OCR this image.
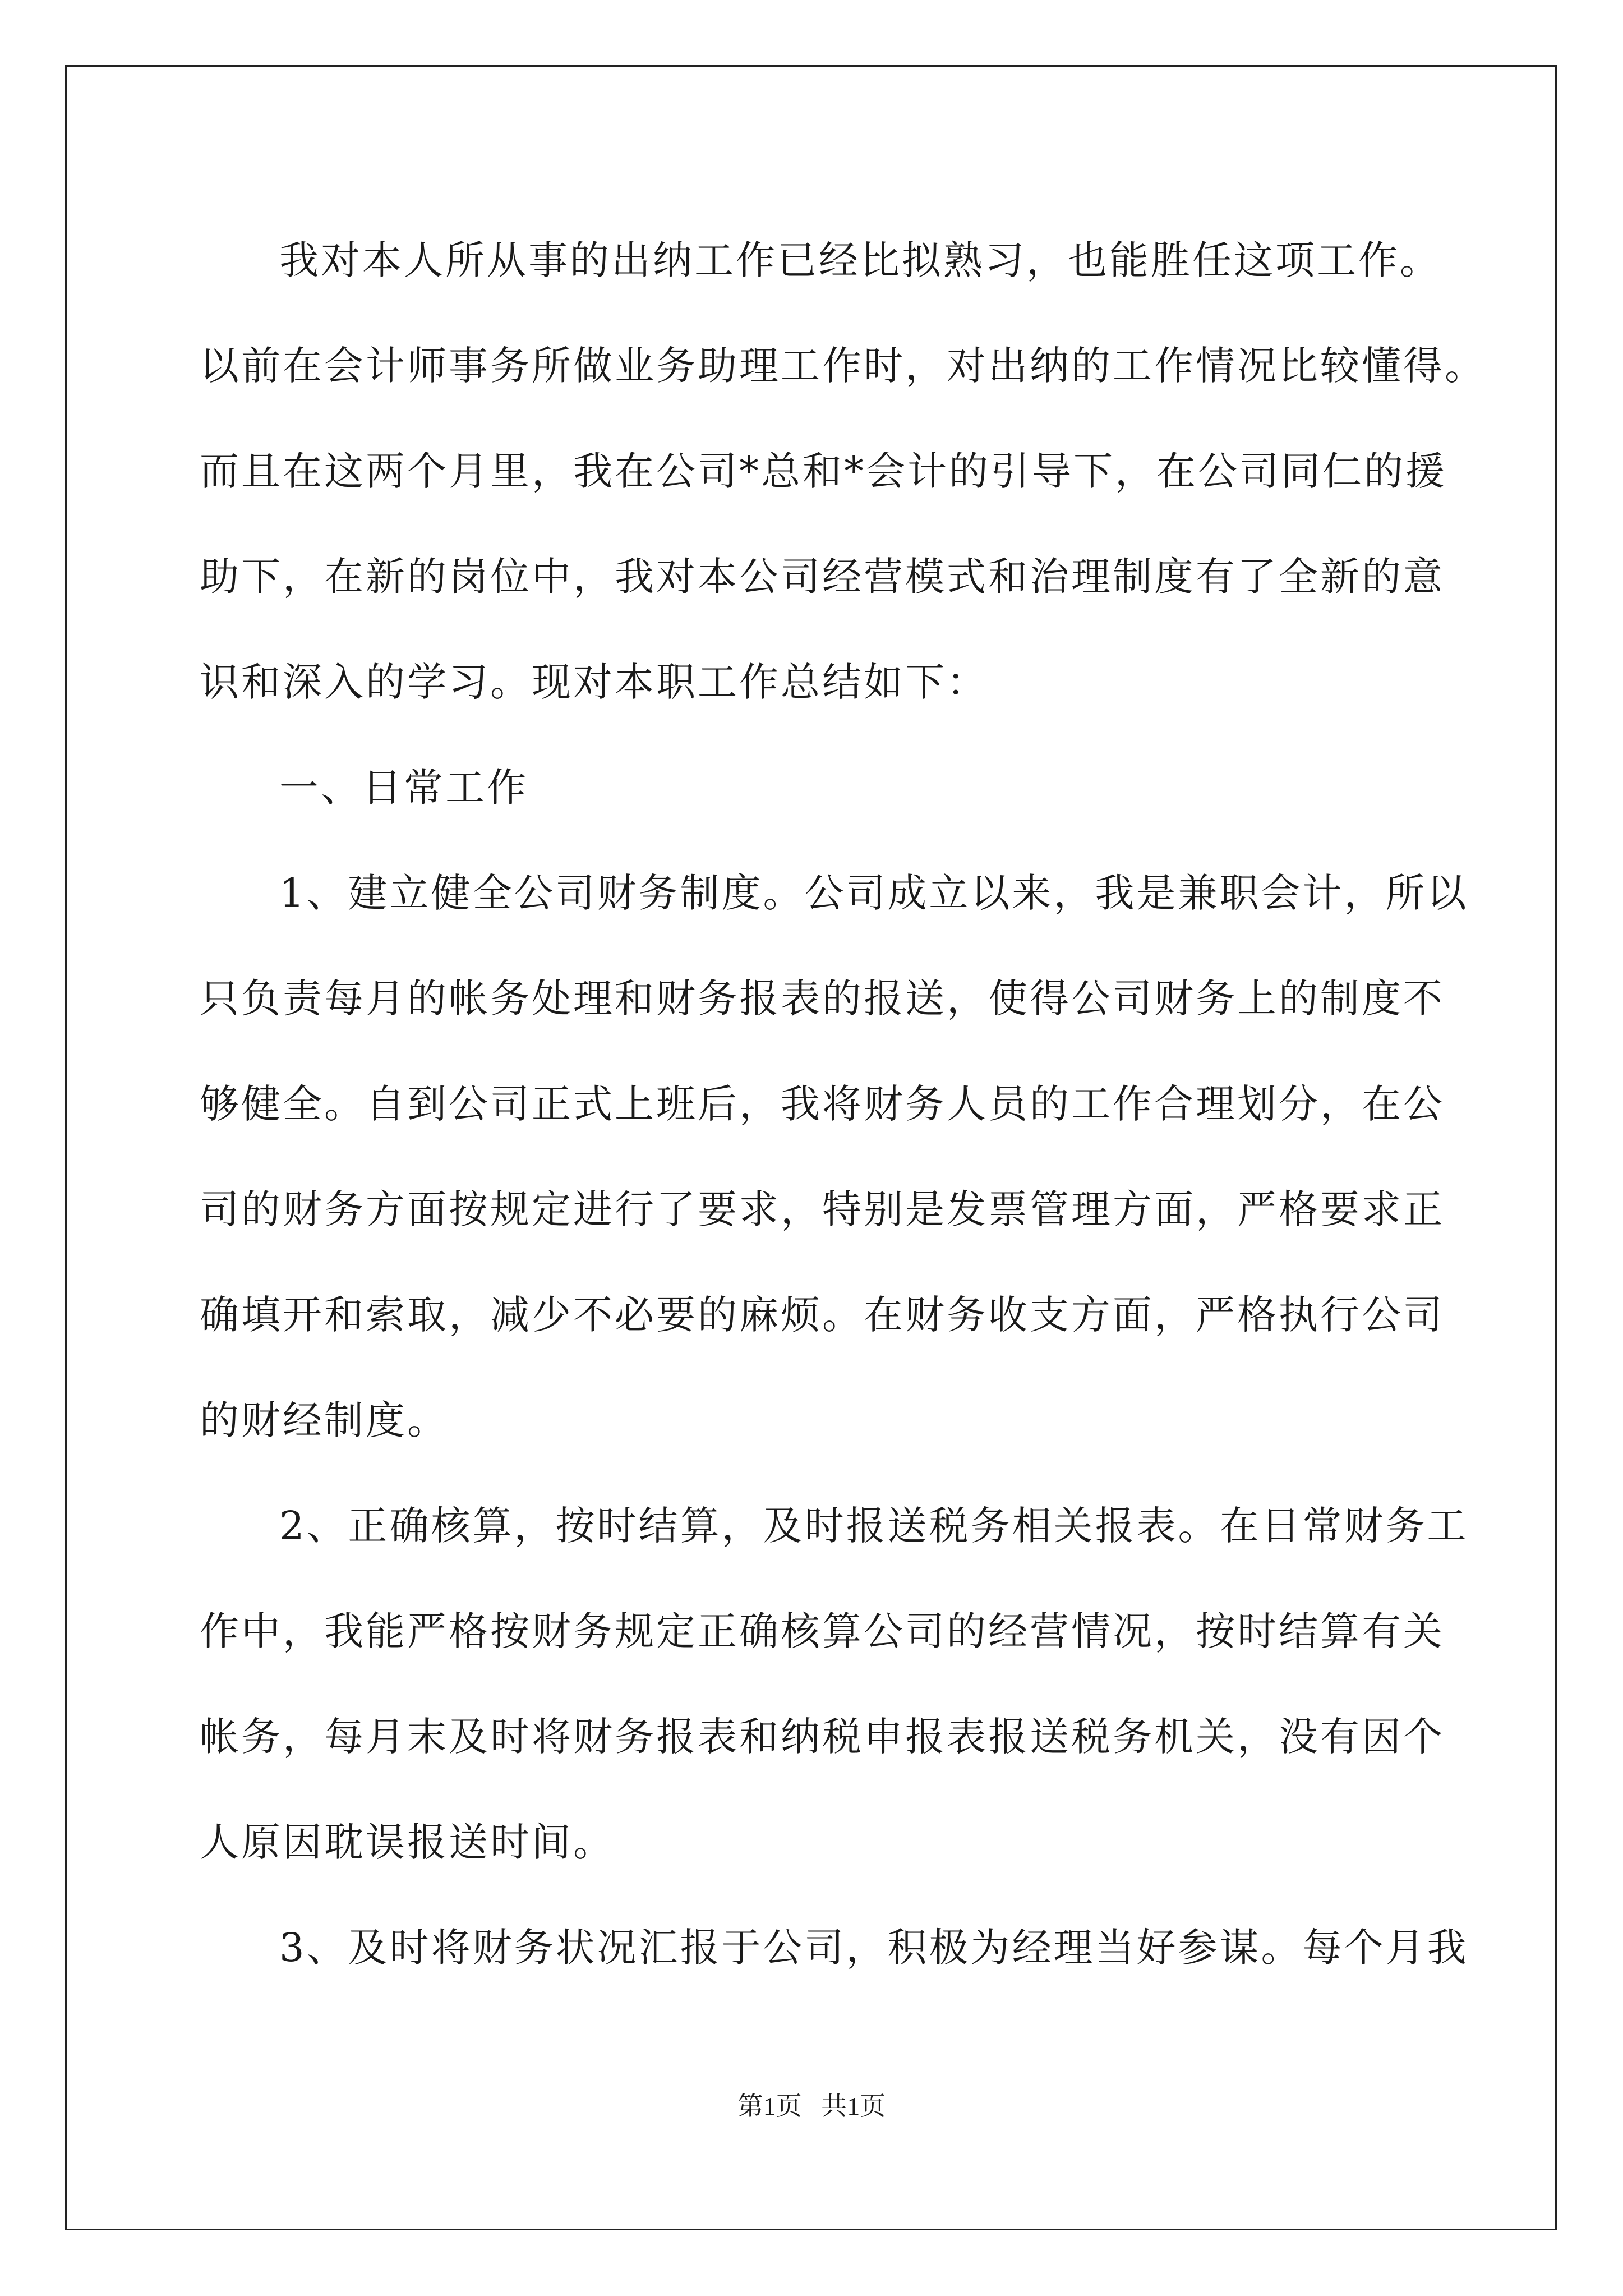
我对本人所从事的出纳工作已经比拟熟习，也能胜任这项工作。
以前在会计师事务所做业务助理工作时，对出纳的工作情况比较懂得。
而且在这两个月里，我在公司*总和*会计的引导下，在公司同仁的援
助下，在新的岗位中，我对本公司经营模式和治理制度有了全新的意
识和深入的学习。现对本职工作总结如下：
一、日常工作
1、建立健全公司财务制度。公司成立以来，我是兼职会计，所以
只负责每月的帐务处理和财务报表的报送，使得公司财务上的制度不
够健全。自到公司正式上班后，我将财务人员的工作合理划分，在公
司的财务方面按规定进行了要求，特别是发票管理方面，严格要求正
确填开和索取，减少不必要的麻烦。在财务收支方面，严格执行公司
的财经制度。
2、正确核算，按时结算，及时报送税务相关报表。在日常财务工
作中，我能严格按财务规定正确核算公司的经营情况，按时结算有关
帐务，每月末及时将财务报表和纳税申报表报送税务机关，没有因个
人原因耽误报送时间。
3、及时将财务状况汇报于公司，积极为经理当好参谋。每个月我
第1页   共1页
